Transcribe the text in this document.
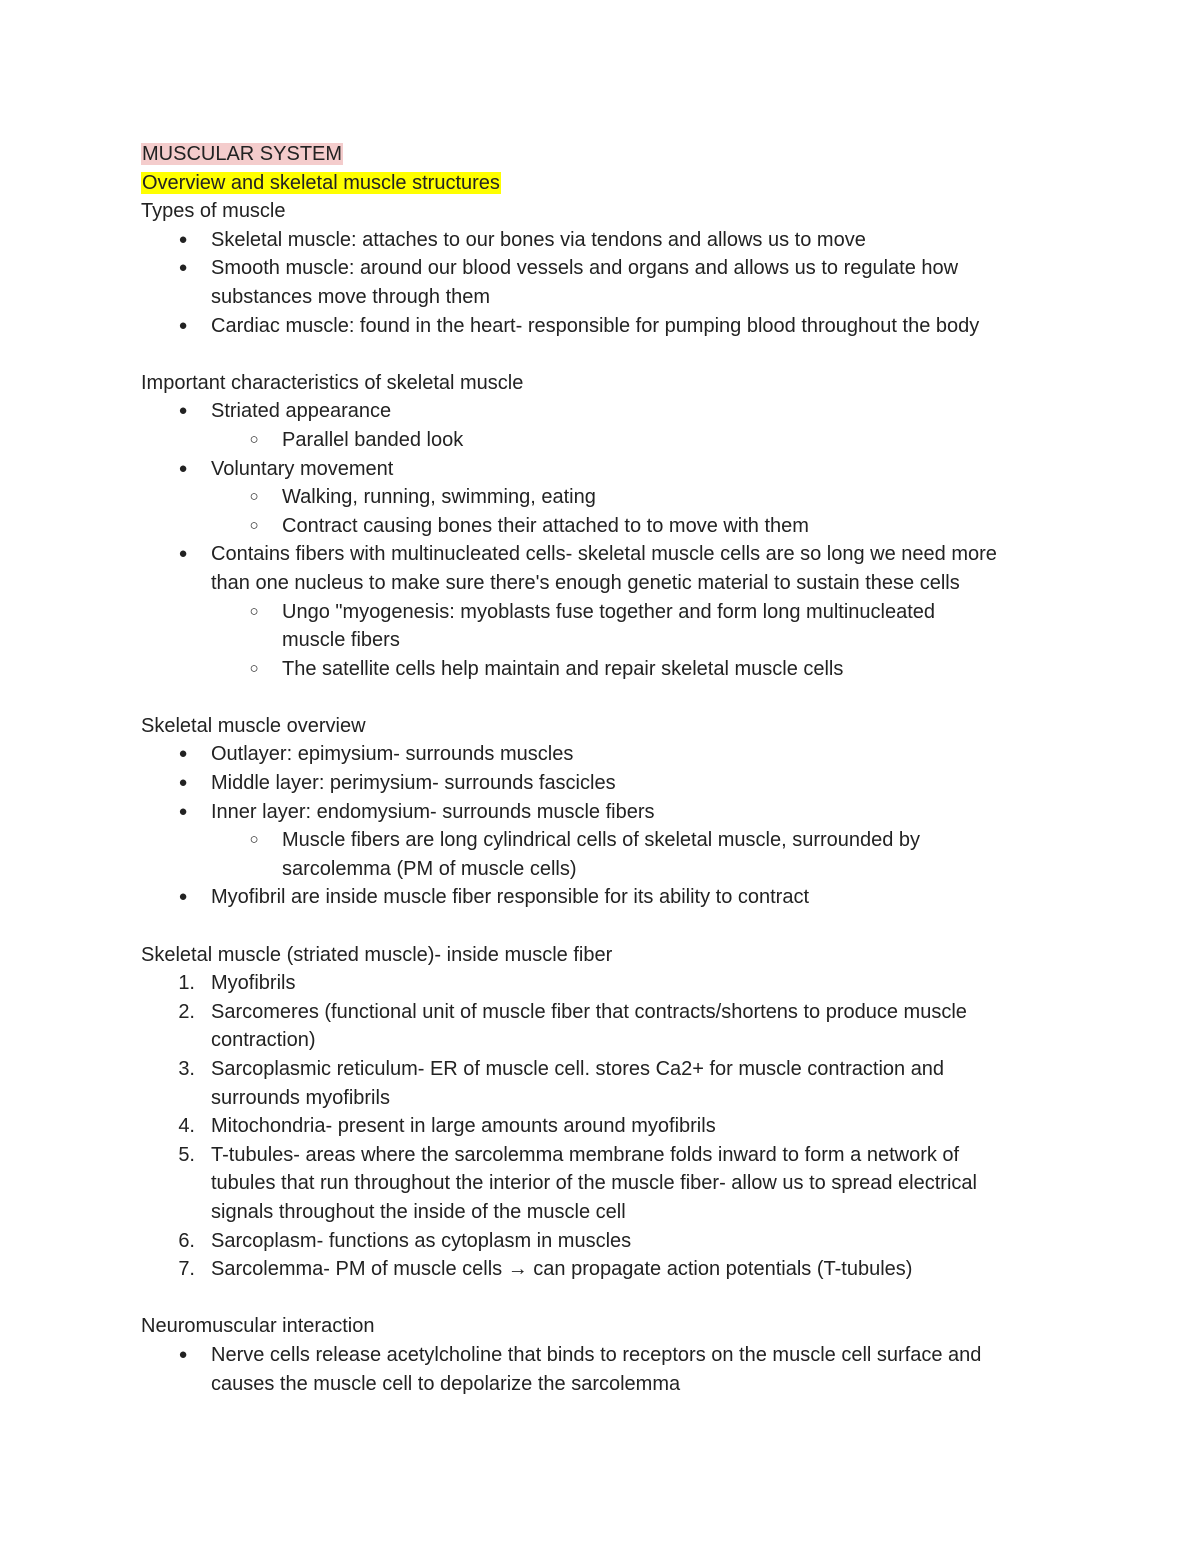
MUSCULAR SYSTEM
Overview and skeletal muscle structures
Types of muscle
● Skeletal muscle: attaches to our bones via tendons and allows us to move
● Smooth muscle: around our blood vessels and organs and allows us to regulate how
substances move through them
● Cardiac muscle: found in the heart- responsible for pumping blood throughout the body
Important characteristics of skeletal muscle
● Striated appearance
○ Parallel banded look
● Voluntary movement
○ Walking, running, swimming, eating
○ Contract causing bones their attached to to move with them
● Contains fibers with multinucleated cells- skeletal muscle cells are so long we need more
than one nucleus to make sure there's enough genetic material to sustain these cells
○ Ungo "myogenesis: myoblasts fuse together and form long multinucleated
muscle fibers
○ The satellite cells help maintain and repair skeletal muscle cells
Skeletal muscle overview
● Outlayer: epimysium- surrounds muscles
● Middle layer: perimysium- surrounds fascicles
● Inner layer: endomysium- surrounds muscle fibers
○ Muscle fibers are long cylindrical cells of skeletal muscle, surrounded by
sarcolemma (PM of muscle cells)
● Myofibril are inside muscle fiber responsible for its ability to contract
Skeletal muscle (striated muscle)- inside muscle fiber
1. Myofibrils
2. Sarcomeres (functional unit of muscle fiber that contracts/shortens to produce muscle
contraction)
3. Sarcoplasmic reticulum- ER of muscle cell. stores Ca2+ for muscle contraction and
surrounds myofibrils
4. Mitochondria- present in large amounts around myofibrils
5. T-tubules- areas where the sarcolemma membrane folds inward to form a network of
tubules that run throughout the interior of the muscle fiber- allow us to spread electrical
signals throughout the inside of the muscle cell
6. Sarcoplasm- functions as cytoplasm in muscles
7. Sarcolemma- PM of muscle cells → can propagate action potentials (T-tubules)
Neuromuscular interaction
● Nerve cells release acetylcholine that binds to receptors on the muscle cell surface and
causes the muscle cell to depolarize the sarcolemma
